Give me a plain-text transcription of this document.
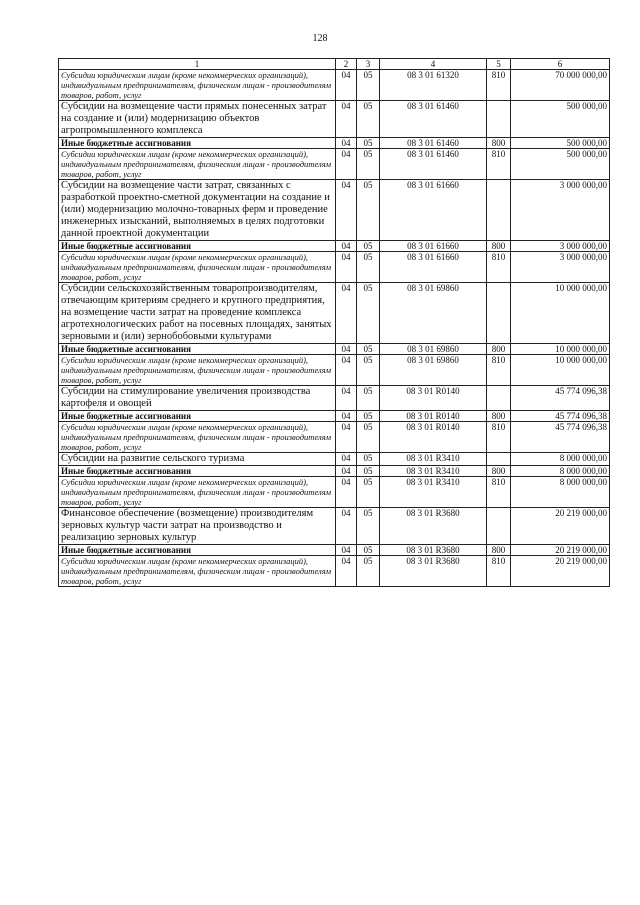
128
1	2	3	4	5	6
Субсидии юридическим лицам (кроме некоммерческих организаций), индивидуальным предпринимателям, физическим лицам - производителям товаров, работ, услуг	04	05	08 3 01 61320	810	70 000 000,00
Субсидии на возмещение части прямых понесенных затрат на создание и (или) модернизацию объектов агропромышленного комплекса	04	05	08 3 01 61460		500 000,00
Иные бюджетные ассигнования	04	05	08 3 01 61460	800	500 000,00
Субсидии юридическим лицам (кроме некоммерческих организаций), индивидуальным предпринимателям, физическим лицам - производителям товаров, работ, услуг	04	05	08 3 01 61460	810	500 000,00
Субсидии на возмещение части затрат, связанных с разработкой проектно-сметной документации на создание и (или) модернизацию молочно-товарных ферм и проведение инженерных изысканий, выполняемых в целях подготовки данной проектной документации	04	05	08 3 01 61660		3 000 000,00
Иные бюджетные ассигнования	04	05	08 3 01 61660	800	3 000 000,00
Субсидии юридическим лицам (кроме некоммерческих организаций), индивидуальным предпринимателям, физическим лицам - производителям товаров, работ, услуг	04	05	08 3 01 61660	810	3 000 000,00
Субсидии сельскохозяйственным товаропроизводителям, отвечающим критериям среднего и крупного предприятия, на возмещение части затрат на проведение комплекса агротехнологических работ на посевных площадях, занятых зерновыми и (или) зернобобовыми культурами	04	05	08 3 01 69860		10 000 000,00
Иные бюджетные ассигнования	04	05	08 3 01 69860	800	10 000 000,00
Субсидии юридическим лицам (кроме некоммерческих организаций), индивидуальным предпринимателям, физическим лицам - производителям товаров, работ, услуг	04	05	08 3 01 69860	810	10 000 000,00
Субсидии на стимулирование увеличения производства картофеля и овощей	04	05	08 3 01 R0140		45 774 096,38
Иные бюджетные ассигнования	04	05	08 3 01 R0140	800	45 774 096,38
Субсидии юридическим лицам (кроме некоммерческих организаций), индивидуальным предпринимателям, физическим лицам - производителям товаров, работ, услуг	04	05	08 3 01 R0140	810	45 774 096,38
Субсидии на развитие сельского туризма	04	05	08 3 01 R3410		8 000 000,00
Иные бюджетные ассигнования	04	05	08 3 01 R3410	800	8 000 000,00
Субсидии юридическим лицам (кроме некоммерческих организаций), индивидуальным предпринимателям, физическим лицам - производителям товаров, работ, услуг	04	05	08 3 01 R3410	810	8 000 000,00
Финансовое обеспечение (возмещение) производителям зерновых культур части затрат на производство и реализацию зерновых культур	04	05	08 3 01 R3680		20 219 000,00
Иные бюджетные ассигнования	04	05	08 3 01 R3680	800	20 219 000,00
Субсидии юридическим лицам (кроме некоммерческих организаций), индивидуальным предпринимателям, физическим лицам - производителям товаров, работ, услуг	04	05	08 3 01 R3680	810	20 219 000,00
